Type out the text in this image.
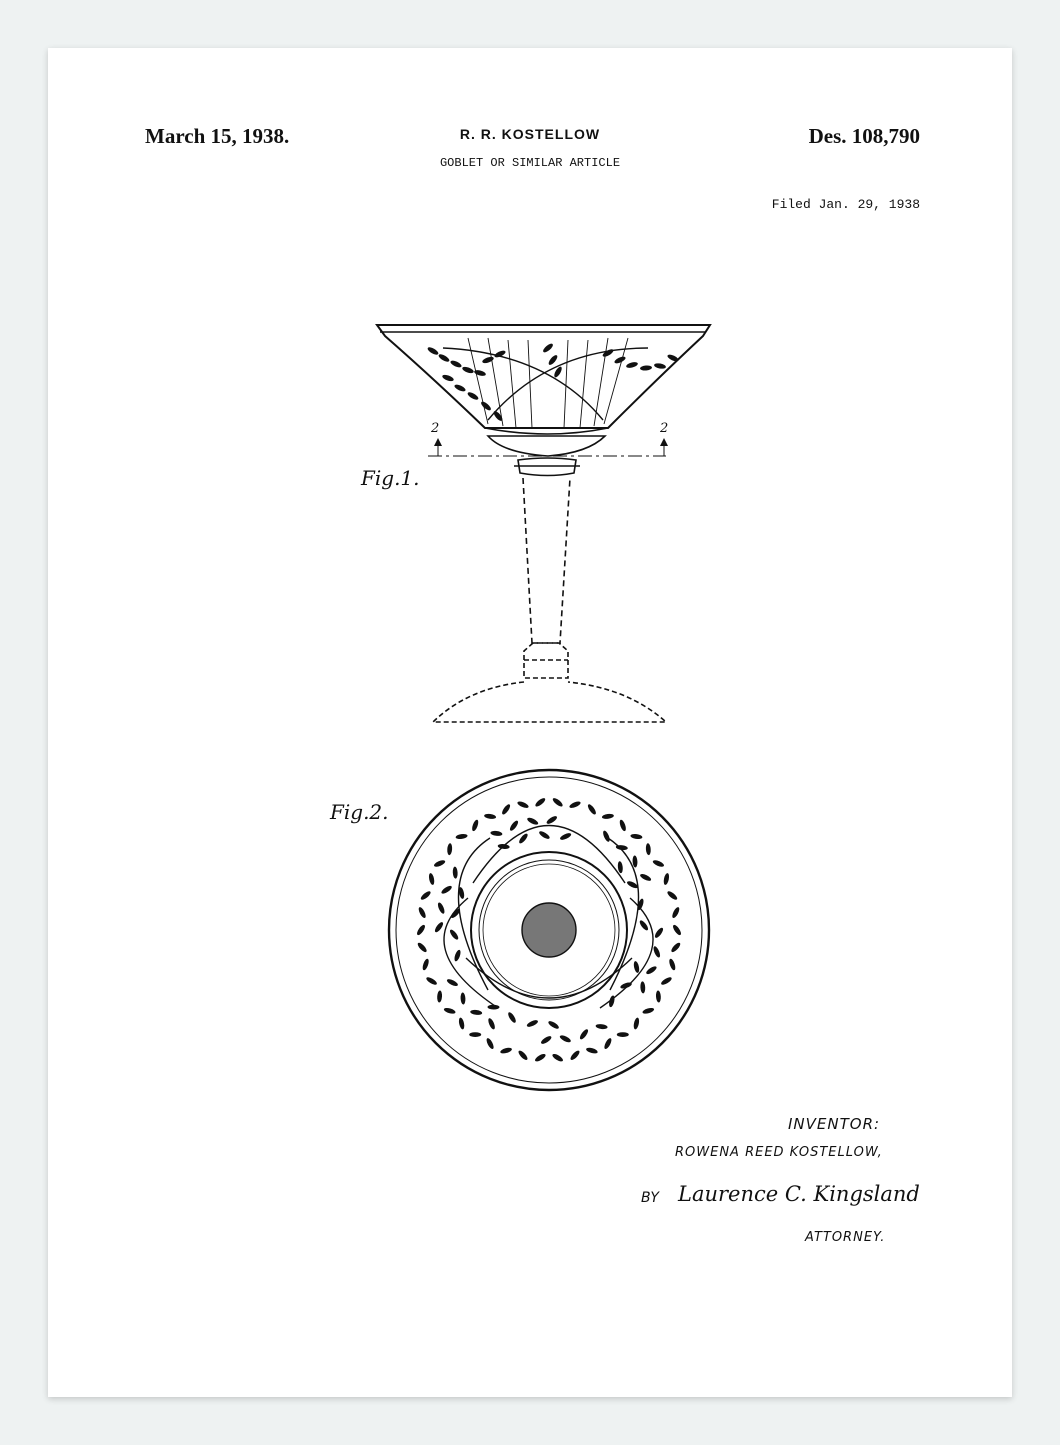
March 15, 1938.	R. R. KOSTELLOW	Des. 108,790
GOBLET OR SIMILAR ARTICLE
Filed Jan. 29, 1938
Fig.1.
Fig.2.
2	2
INVENTOR:
ROWENA REED KOSTELLOW,
BY Laurence C. Kingsland
ATTORNEY.
